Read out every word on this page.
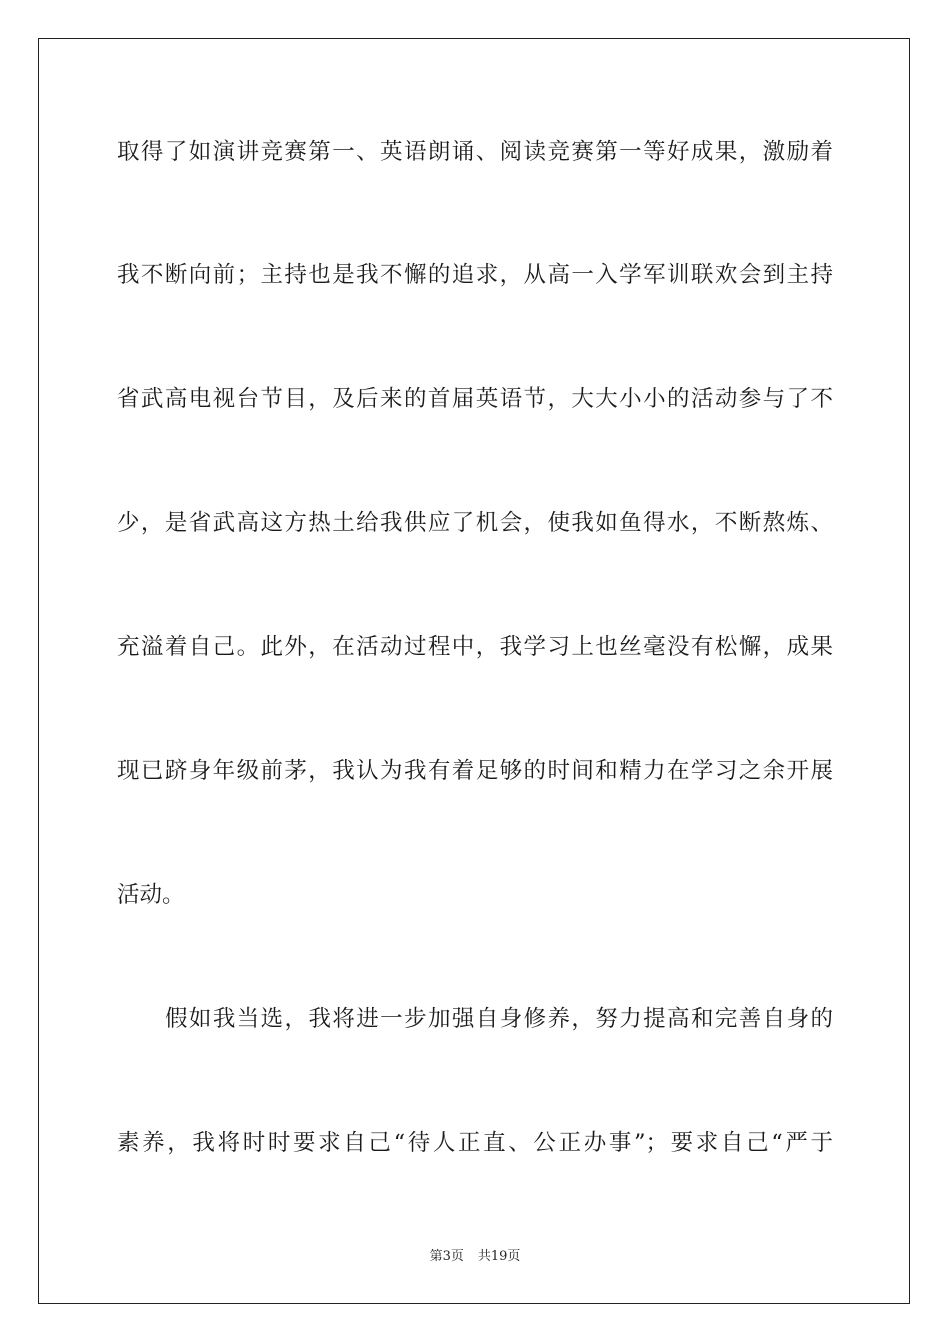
取得了如演讲竞赛第一、英语朗诵、阅读竞赛第一等好成果，激励着
我不断向前；主持也是我不懈的追求，从高一入学军训联欢会到主持
省武高电视台节目，及后来的首届英语节，大大小小的活动参与了不
少，是省武高这方热土给我供应了机会，使我如鱼得水，不断熬炼、
充溢着自己。此外，在活动过程中，我学习上也丝毫没有松懈，成果
现已跻身年级前茅，我认为我有着足够的时间和精力在学习之余开展
活动。
假如我当选，我将进一步加强自身修养，努力提高和完善自身的
素养，我将时时要求自己“待人正直、公正办事”；要求自己“严于
第3页 共19页
